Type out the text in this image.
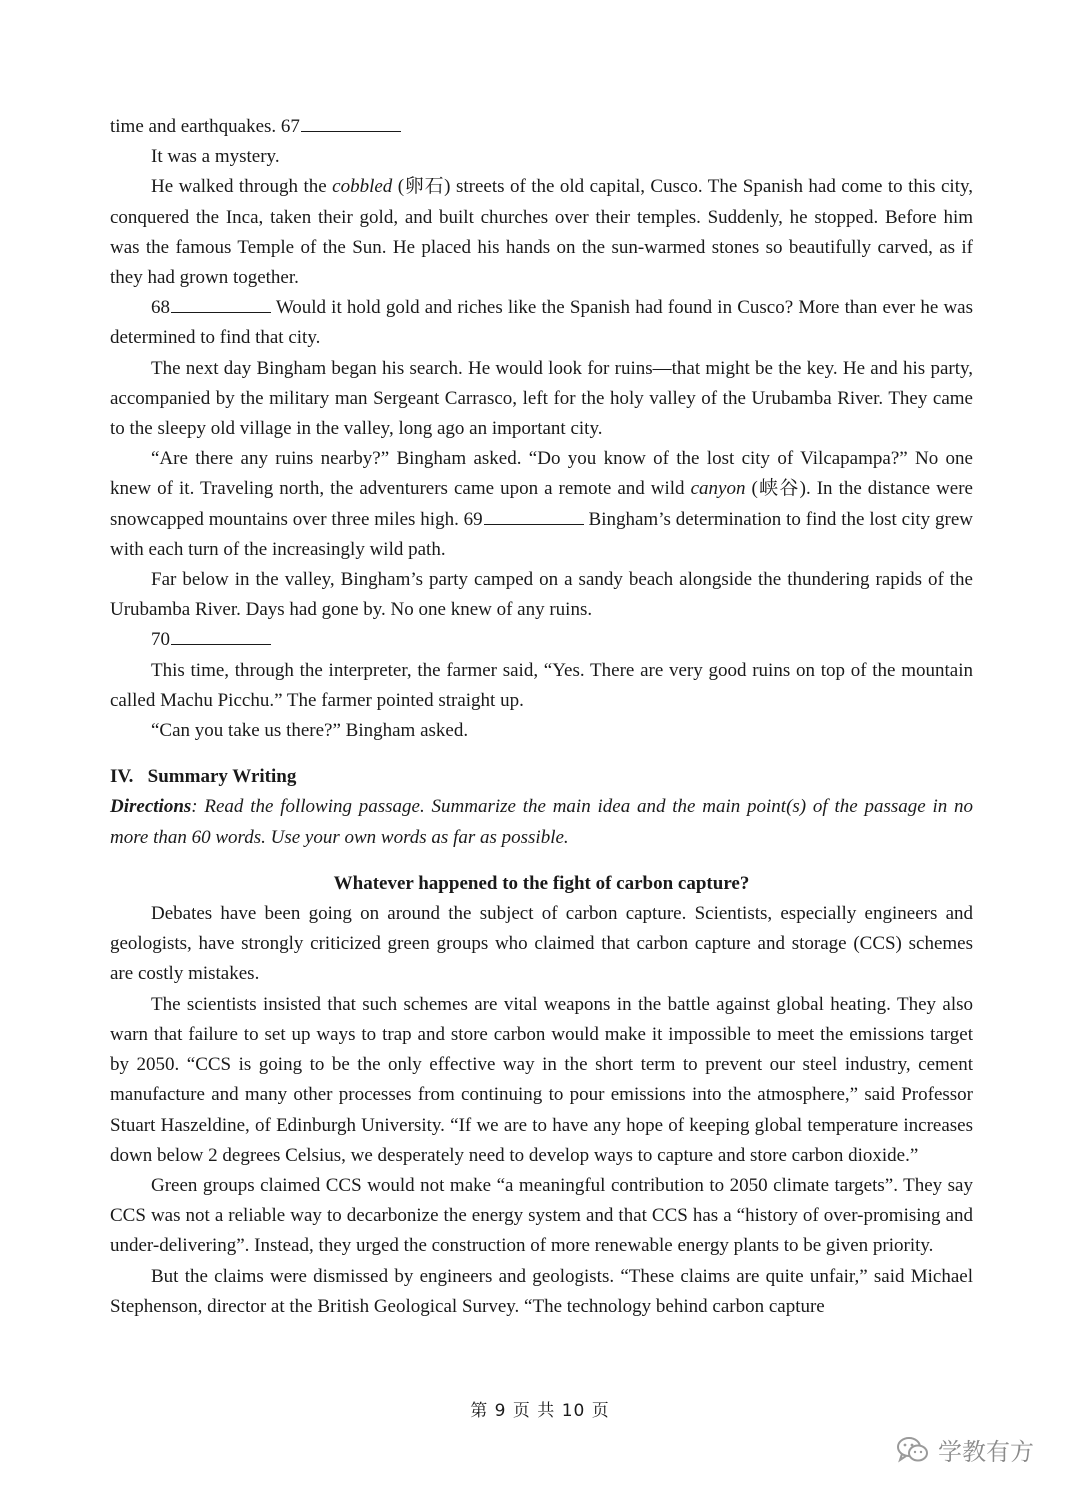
time and earthquakes. 67

It was a mystery.

He walked through the cobbled (卵石) streets of the old capital, Cusco. The Spanish had come to this city, conquered the Inca, taken their gold, and built churches over their temples. Suddenly, he stopped. Before him was the famous Temple of the Sun. He placed his hands on the sun-warmed stones so beautifully carved, as if they had grown together.

68	Would it hold gold and riches like the Spanish had found in Cusco? More than ever he was determined to find that city.

The next day Bingham began his search. He would look for ruins—that might be the key. He and his party, accompanied by the military man Sergeant Carrasco, left for the holy valley of the Urubamba River. They came to the sleepy old village in the valley, long ago an important city.

“Are there any ruins nearby?” Bingham asked. “Do you know of the lost city of Vilcapampa?” No one knew of it. Traveling north, the adventurers came upon a remote and wild canyon (峡谷). In the distance were snowcapped mountains over three miles high. 69	Bingham’s determination to find the lost city grew with each turn of the increasingly wild path.

Far below in the valley, Bingham’s party camped on a sandy beach alongside the thundering rapids of the Urubamba River. Days had gone by. No one knew of any ruins.

70

This time, through the interpreter, the farmer said, “Yes. There are very good ruins on top of the mountain called Machu Picchu.” The farmer pointed straight up.

“Can you take us there?” Bingham asked.

IV.   Summary Writing

Directions: Read the following passage. Summarize the main idea and the main point(s) of the passage in no more than 60 words. Use your own words as far as possible.

Whatever happened to the fight of carbon capture?

Debates have been going on around the subject of carbon capture. Scientists, especially engineers and geologists, have strongly criticized green groups who claimed that carbon capture and storage (CCS) schemes are costly mistakes.

The scientists insisted that such schemes are vital weapons in the battle against global heating. They also warn that failure to set up ways to trap and store carbon would make it impossible to meet the emissions target by 2050. “CCS is going to be the only effective way in the short term to prevent our steel industry, cement manufacture and many other processes from continuing to pour emissions into the atmosphere,” said Professor Stuart Haszeldine, of Edinburgh University. “If we are to have any hope of keeping global temperature increases down below 2 degrees Celsius, we desperately need to develop ways to capture and store carbon dioxide.”

Green groups claimed CCS would not make “a meaningful contribution to 2050 climate targets”. They say CCS was not a reliable way to decarbonize the energy system and that CCS has a “history of over-promising and under-delivering”. Instead, they urged the construction of more renewable energy plants to be given priority.

But the claims were dismissed by engineers and geologists. “These claims are quite unfair,” said Michael Stephenson, director at the British Geological Survey. “The technology behind carbon capture

第 9 页 共 10 页
学教有方
